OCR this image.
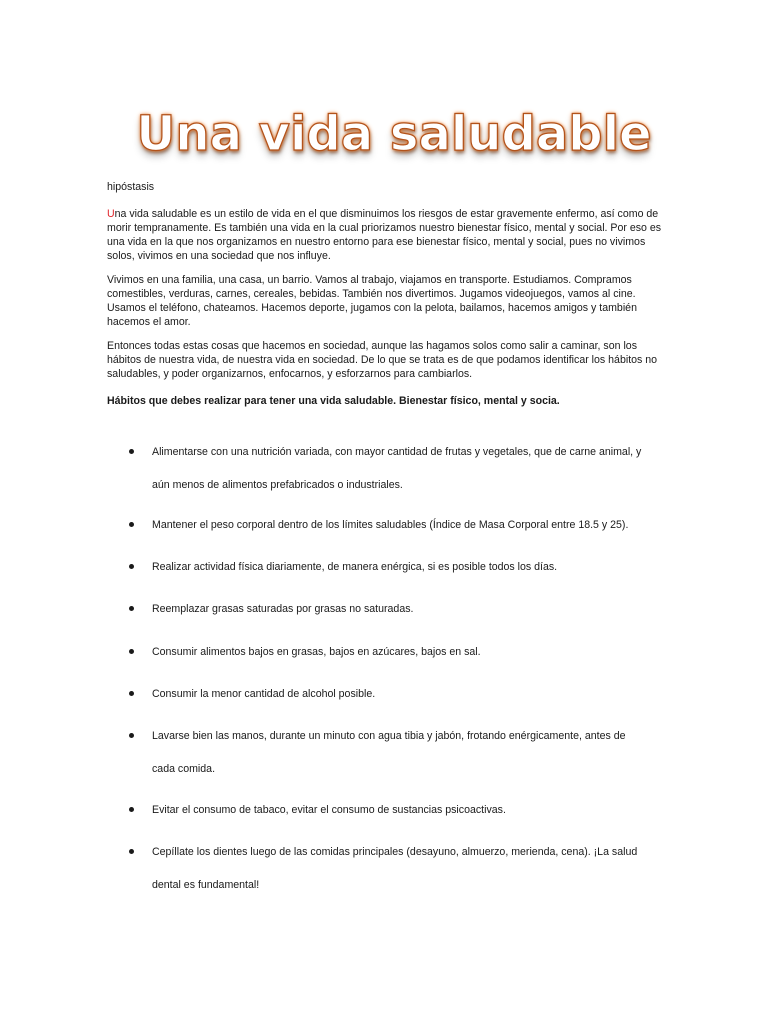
Una vida saludable
hipóstasis
Una vida saludable es un estilo de vida en el que disminuimos los riesgos de estar gravemente enfermo, así como de morir tempranamente. Es también una vida en la cual priorizamos nuestro bienestar físico, mental y social. Por eso es una vida en la que nos organizamos en nuestro entorno para ese bienestar físico, mental y social, pues no vivimos solos, vivimos en una sociedad que nos influye.
Vivimos en una familia, una casa, un barrio. Vamos al trabajo, viajamos en transporte. Estudiamos. Compramos comestibles, verduras, carnes, cereales, bebidas. También nos divertimos. Jugamos videojuegos, vamos al cine. Usamos el teléfono, chateamos. Hacemos deporte, jugamos con la pelota, bailamos, hacemos amigos y también hacemos el amor.
Entonces todas estas cosas que hacemos en sociedad, aunque las hagamos solos como salir a caminar, son los hábitos de nuestra vida, de nuestra vida en sociedad. De lo que se trata es de que podamos identificar los hábitos no saludables, y poder organizarnos, enfocarnos, y esforzarnos para cambiarlos.
Hábitos que debes realizar para tener una vida saludable. Bienestar físico, mental y socia.
Alimentarse con una nutrición variada, con mayor cantidad de frutas y vegetales, que de carne animal, y
aún menos de alimentos prefabricados o industriales.
Mantener el peso corporal dentro de los límites saludables (Índice de Masa Corporal entre 18.5 y 25).
Realizar actividad física diariamente, de manera enérgica, si es posible todos los días.
Reemplazar grasas saturadas por grasas no saturadas.
Consumir alimentos bajos en grasas, bajos en azúcares, bajos en sal.
Consumir la menor cantidad de alcohol posible.
Lavarse bien las manos, durante un minuto con agua tibia y jabón, frotando enérgicamente, antes de
cada comida.
Evitar el consumo de tabaco, evitar el consumo de sustancias psicoactivas.
Cepíllate los dientes luego de las comidas principales (desayuno, almuerzo, merienda, cena). ¡La salud
dental es fundamental!
